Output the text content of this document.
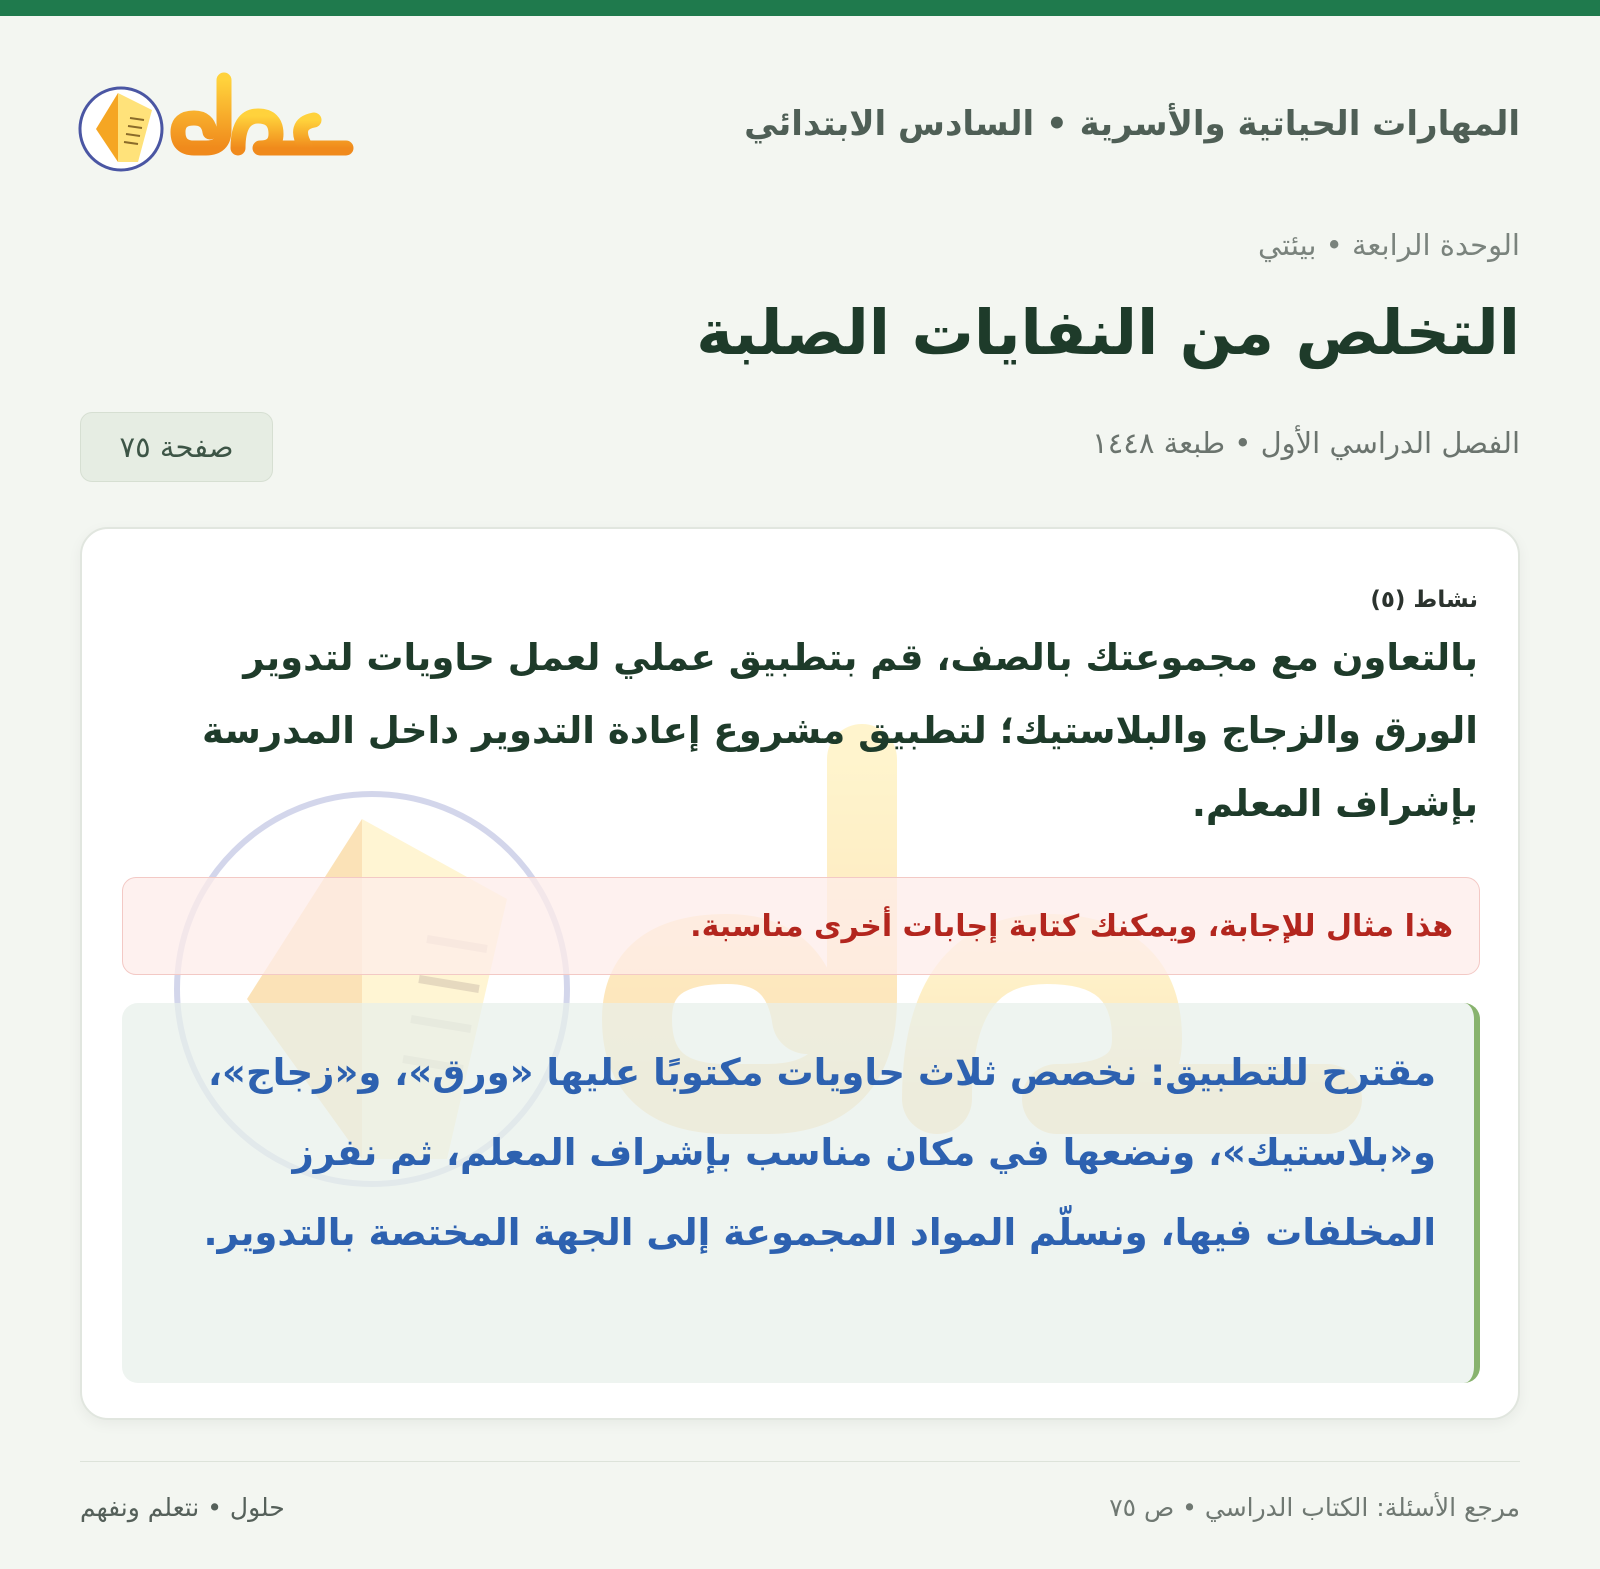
المهارات الحياتية والأسرية • السادس الابتدائي
الوحدة الرابعة • بيئتي
التخلص من النفايات الصلبة
الفصل الدراسي الأول • طبعة ١٤٤٨
صفحة ٧٥
نشاط (٥)
بالتعاون مع مجموعتك بالصف، قم بتطبيق عملي لعمل حاويات لتدوير الورق والزجاج والبلاستيك؛ لتطبيق مشروع إعادة التدوير داخل المدرسة بإشراف المعلم.
هذا مثال للإجابة، ويمكنك كتابة إجابات أخرى مناسبة.
مقترح للتطبيق: نخصص ثلاث حاويات مكتوبًا عليها «ورق»، و«زجاج»، و«بلاستيك»، ونضعها في مكان مناسب بإشراف المعلم، ثم نفرز المخلفات فيها، ونسلّم المواد المجموعة إلى الجهة المختصة بالتدوير.
مرجع الأسئلة: الكتاب الدراسي • ص ٧٥
حلول • نتعلم ونفهم
